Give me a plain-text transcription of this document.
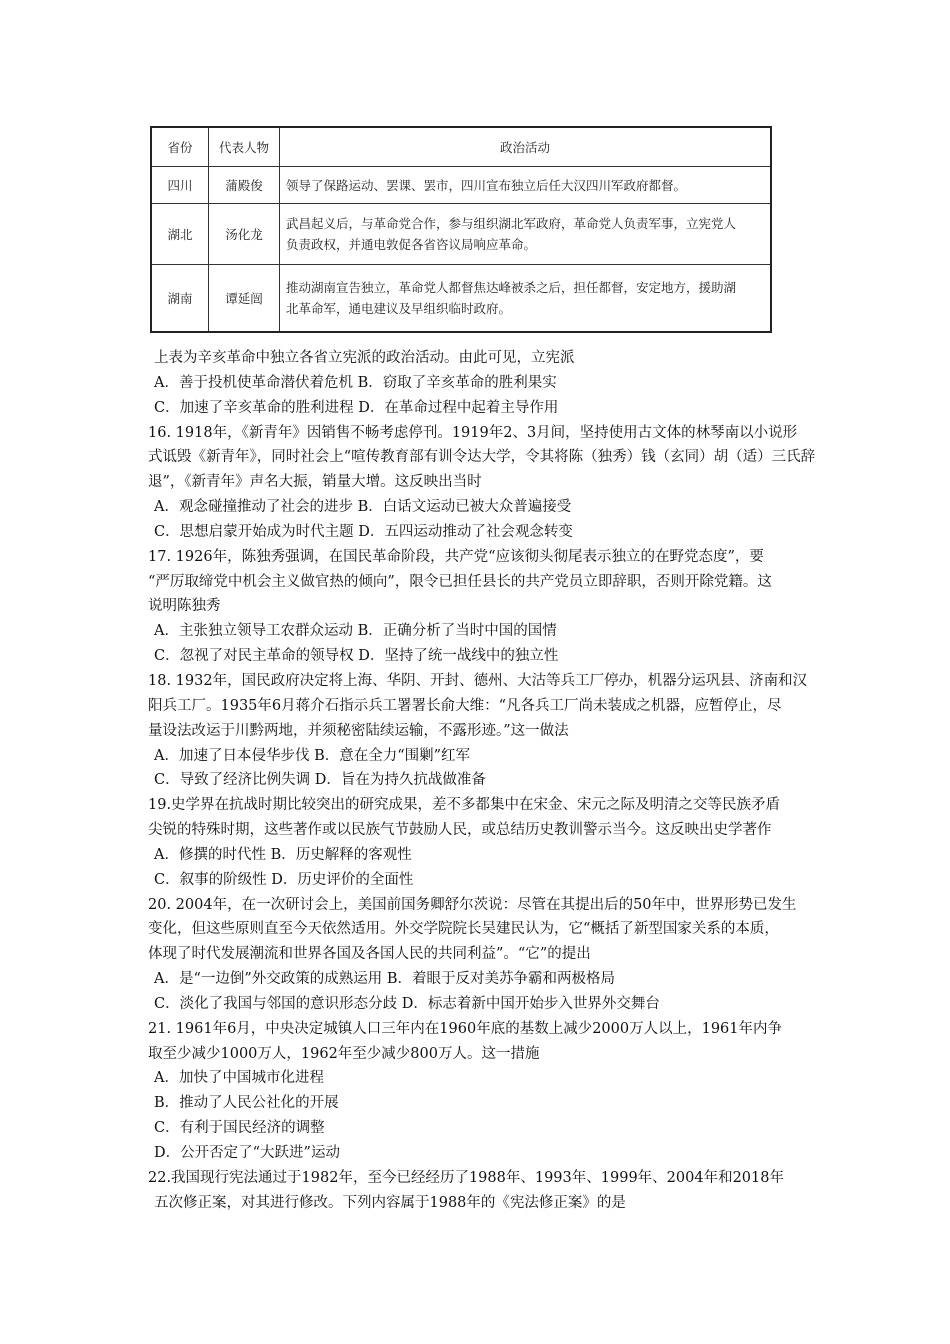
省份	代表人物	政治活动
四川	蒲殿俊	领导了保路运动、罢课、罢市，四川宣布独立后任大汉四川军政府都督。
湖北	汤化龙	武昌起义后，与革命党合作，参与组织湖北军政府，革命党人负责军事，立宪党人
负责政权，并通电敦促各省咨议局响应革命。

湖南	谭延闿	推动湖南宣告独立，革命党人都督焦达峰被杀之后，担任都督，安定地方，援助湖
北革命军，通电建议及早组织临时政府。
上表为辛亥革命中独立各省立宪派的政治活动。由此可见，立宪派
A．善于投机使革命潜伏着危机 B．窃取了辛亥革命的胜利果实
C．加速了辛亥革命的胜利进程 D．在革命过程中起着主导作用
16. 1918年，《新青年》因销售不畅考虑停刊。1919年2、3月间，坚持使用古文体的林琴南以小说形
式诋毁《新青年》，同时社会上“喧传教育部有训令达大学，令其将陈（独秀）钱（玄同）胡（适）三氏辞
退”，《新青年》声名大振，销量大增。这反映出当时
A．观念碰撞推动了社会的进步 B．白话文运动已被大众普遍接受
C．思想启蒙开始成为时代主题 D．五四运动推动了社会观念转变
17. 1926年，陈独秀强调，在国民革命阶段，共产党“应该彻头彻尾表示独立的在野党态度”，要
“严厉取缔党中机会主义做官热的倾向”，限令已担任县长的共产党员立即辞职，否则开除党籍。这
说明陈独秀
A．主张独立领导工农群众运动 B．正确分析了当时中国的国情
C．忽视了对民主革命的领导权 D．坚持了统一战线中的独立性
18. 1932年，国民政府决定将上海、华阴、开封、德州、大沽等兵工厂停办，机器分运巩县、济南和汉
阳兵工厂。1935年6月蒋介石指示兵工署署长俞大维：“凡各兵工厂尚未装成之机器，应暂停止，尽
量设法改运于川黔两地，并须秘密陆续运输，不露形迹。”这一做法
A．加速了日本侵华步伐 B．意在全力“围剿”红军
C．导致了经济比例失调 D．旨在为持久抗战做准备
19.史学界在抗战时期比较突出的研究成果，差不多都集中在宋金、宋元之际及明清之交等民族矛盾
尖锐的特殊时期，这些著作或以民族气节鼓励人民，或总结历史教训警示当今。这反映出史学著作
A．修撰的时代性 B．历史解释的客观性
C．叙事的阶级性 D．历史评价的全面性
20. 2004年，在一次研讨会上，美国前国务卿舒尔茨说：尽管在其提出后的50年中，世界形势已发生
变化，但这些原则直至今天依然适用。外交学院院长吴建民认为，它“概括了新型国家关系的本质，
体现了时代发展潮流和世界各国及各国人民的共同利益”。“它”的提出
A．是“一边倒”外交政策的成熟运用 B．着眼于反对美苏争霸和两极格局
C．淡化了我国与邻国的意识形态分歧 D．标志着新中国开始步入世界外交舞台
21. 1961年6月，中央决定城镇人口三年内在1960年底的基数上减少2000万人以上，1961年内争
取至少减少1000万人，1962年至少减少800万人。这一措施
A．加快了中国城市化进程
B．推动了人民公社化的开展
C．有利于国民经济的调整
D．公开否定了“大跃进”运动
22.我国现行宪法通过于1982年，至今已经经历了1988年、1993年、1999年、2004年和2018年
五次修正案，对其进行修改。下列内容属于1988年的《宪法修正案》的是
